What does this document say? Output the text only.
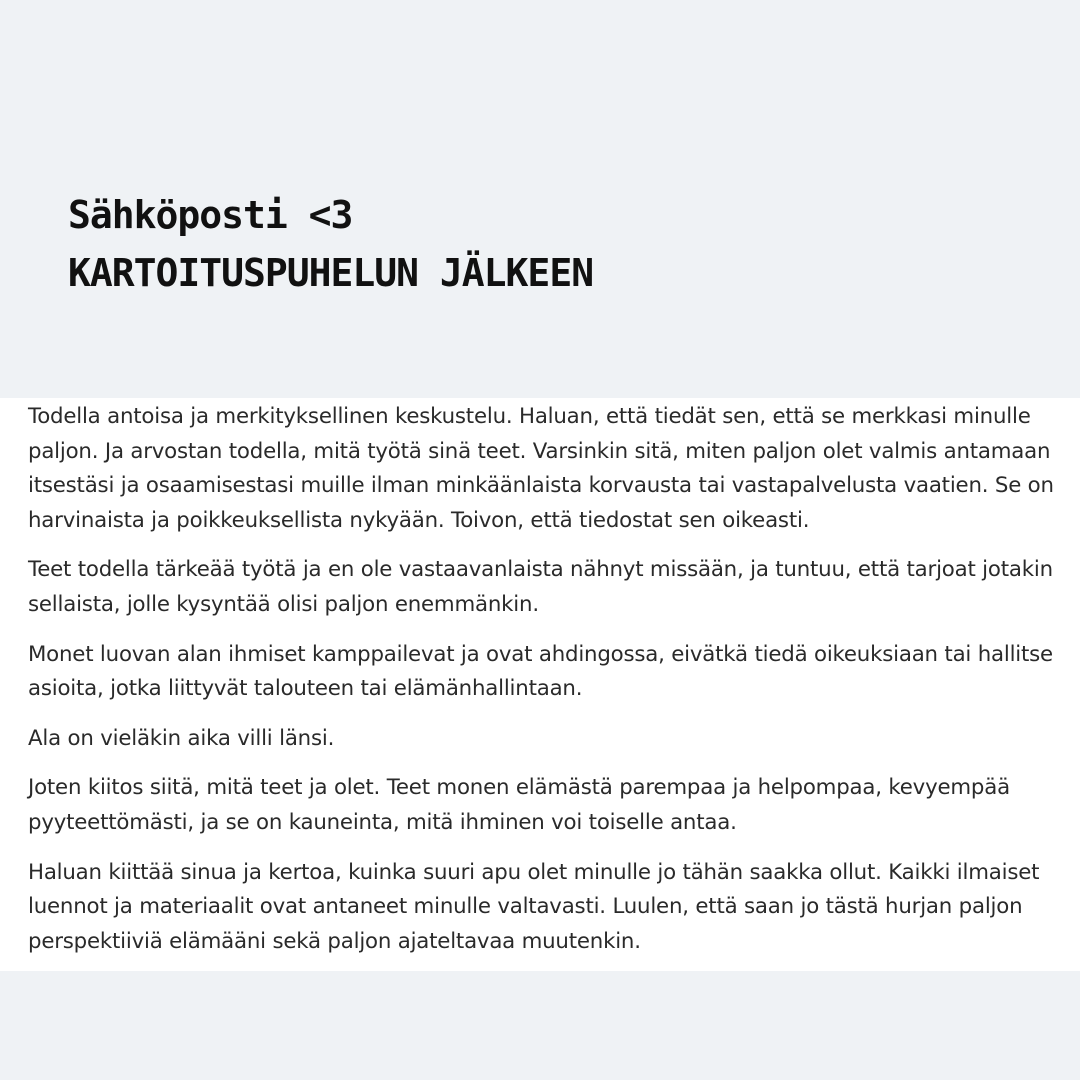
Sähköposti <3
KARTOITUSPUHELUN JÄLKEEN

Todella antoisa ja merkityksellinen keskustelu. Haluan, että tiedät sen, että se merkkasi minulle paljon. Ja arvostan todella, mitä työtä sinä teet. Varsinkin sitä, miten paljon olet valmis antamaan itsestäsi ja osaamisestasi muille ilman minkäänlaista korvausta tai vastapalvelusta vaatien. Se on harvinaista ja poikkeuksellista nykyään. Toivon, että tiedostat sen oikeasti.

Teet todella tärkeää työtä ja en ole vastaavanlaista nähnyt missään, ja tuntuu, että tarjoat jotakin sellaista, jolle kysyntää olisi paljon enemmänkin.

Monet luovan alan ihmiset kamppailevat ja ovat ahdingossa, eivätkä tiedä oikeuksiaan tai hallitse asioita, jotka liittyvät talouteen tai elämänhallintaan.

Ala on vieläkin aika villi länsi.

Joten kiitos siitä, mitä teet ja olet. Teet monen elämästä parempaa ja helpompaa, kevyempää pyyteettömästi, ja se on kauneinta, mitä ihminen voi toiselle antaa.

Haluan kiittää sinua ja kertoa, kuinka suuri apu olet minulle jo tähän saakka ollut. Kaikki ilmaiset luennot ja materiaalit ovat antaneet minulle valtavasti. Luulen, että saan jo tästä hurjan paljon perspektiiviä elämääni sekä paljon ajateltavaa muutenkin.
